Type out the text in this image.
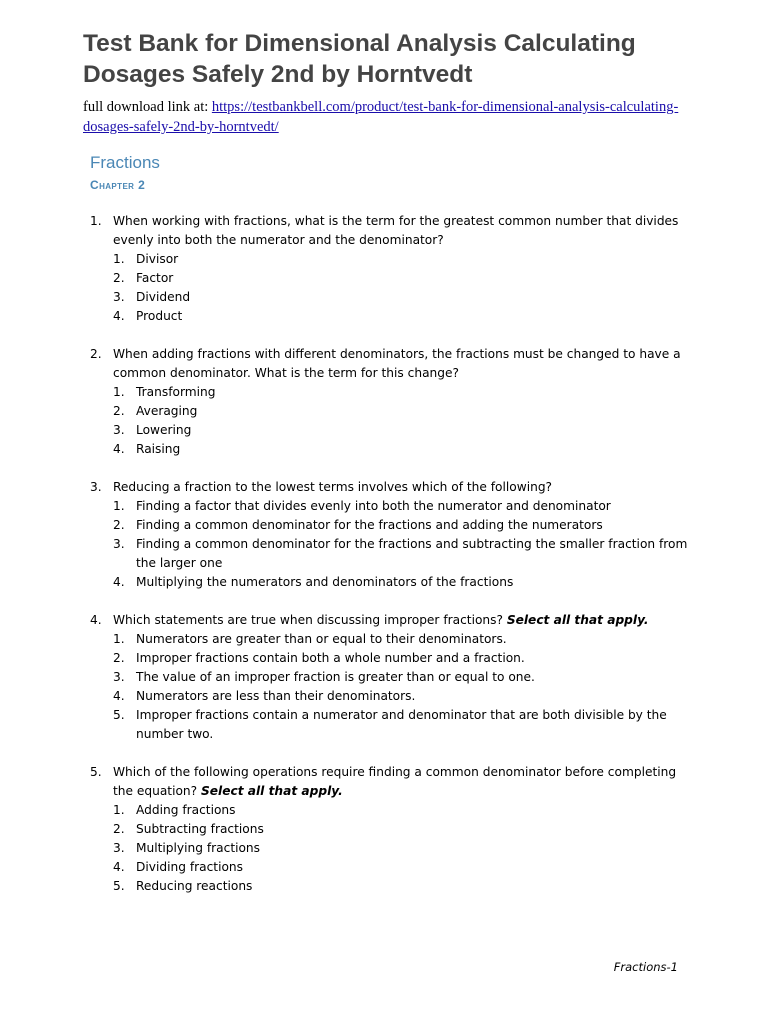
Test Bank for Dimensional Analysis Calculating Dosages Safely 2nd by Horntvedt
full download link at: https://testbankbell.com/product/test-bank-for-dimensional-analysis-calculating-dosages-safely-2nd-by-horntvedt/
Fractions
Chapter 2
1. When working with fractions, what is the term for the greatest common number that divides evenly into both the numerator and the denominator?
1. Divisor
2. Factor
3. Dividend
4. Product
2. When adding fractions with different denominators, the fractions must be changed to have a common denominator. What is the term for this change?
1. Transforming
2. Averaging
3. Lowering
4. Raising
3. Reducing a fraction to the lowest terms involves which of the following?
1. Finding a factor that divides evenly into both the numerator and denominator
2. Finding a common denominator for the fractions and adding the numerators
3. Finding a common denominator for the fractions and subtracting the smaller fraction from the larger one
4. Multiplying the numerators and denominators of the fractions
4. Which statements are true when discussing improper fractions? Select all that apply.
1. Numerators are greater than or equal to their denominators.
2. Improper fractions contain both a whole number and a fraction.
3. The value of an improper fraction is greater than or equal to one.
4. Numerators are less than their denominators.
5. Improper fractions contain a numerator and denominator that are both divisible by the number two.
5. Which of the following operations require finding a common denominator before completing the equation? Select all that apply.
1. Adding fractions
2. Subtracting fractions
3. Multiplying fractions
4. Dividing fractions
5. Reducing reactions
Fractions-1
